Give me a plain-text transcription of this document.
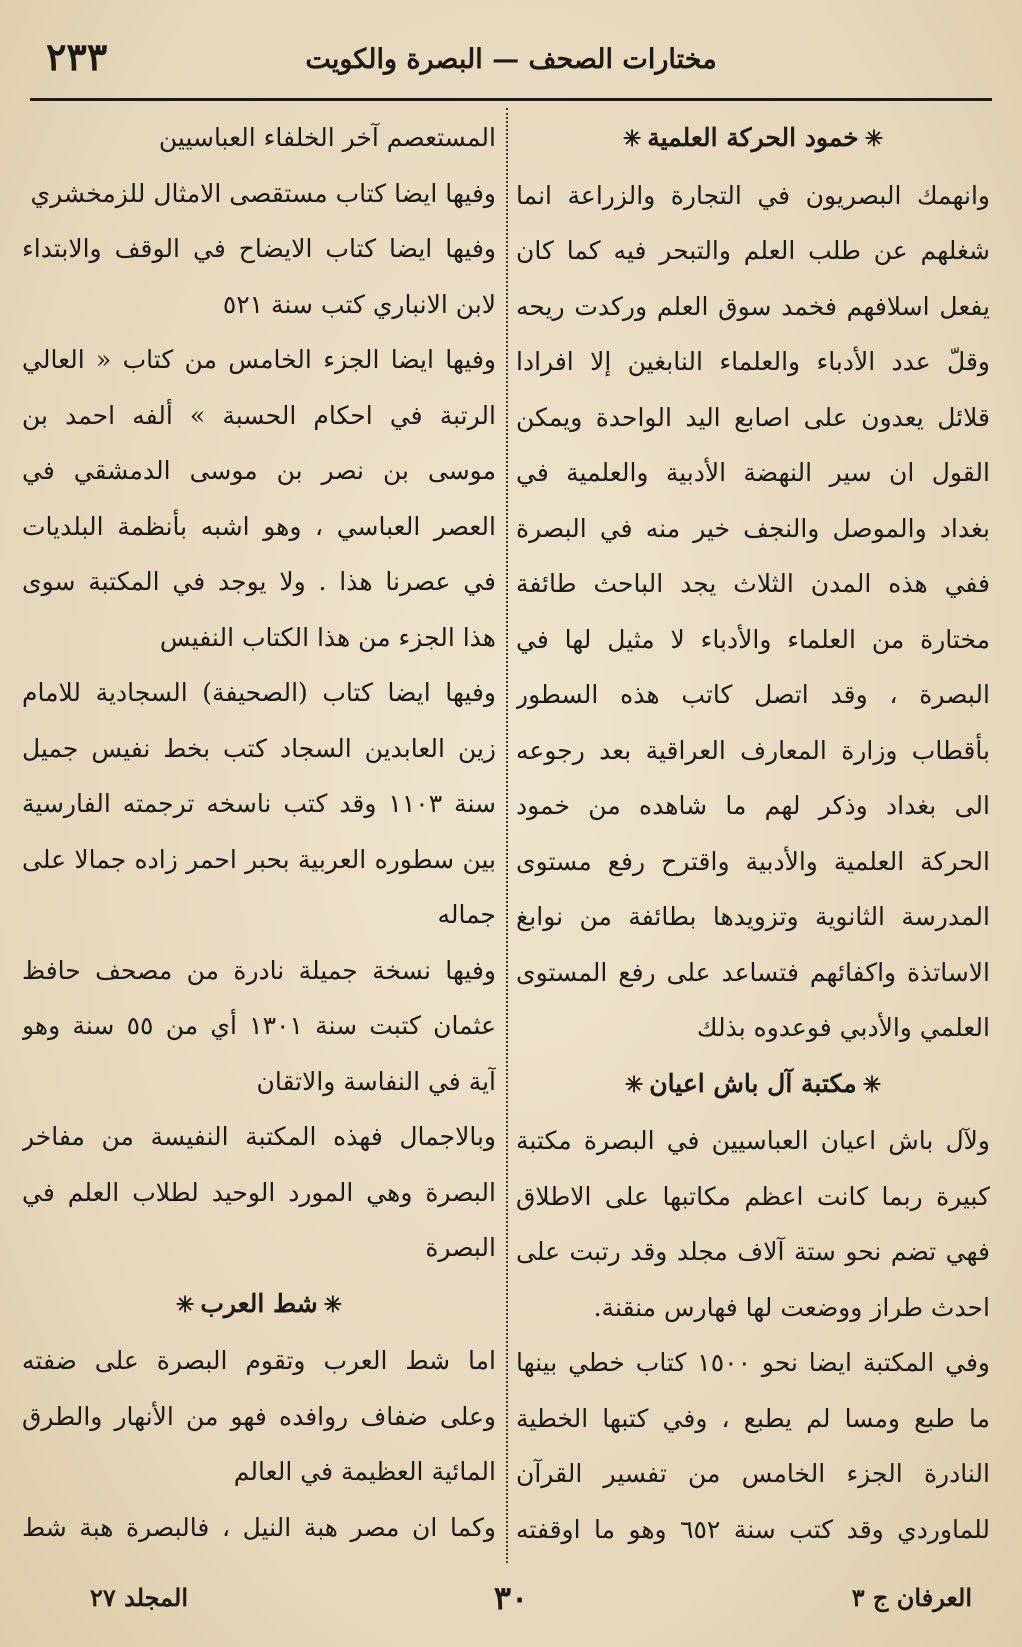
مختارات الصحف — البصرة والكويت
٢٣٣

✳خمود الحركة العلمية✳

وانهمك البصريون في التجارة والزراعة انما شغلهم عن طلب العلم والتبحر فيه كما كان يفعل اسلافهم فخمد سوق العلم وركدت ريحه وقلّ عدد الأدباء والعلماء النابغين إلا افرادا قلائل يعدون على اصابع اليد الواحدة ويمكن القول ان سير النهضة الأدبية والعلمية في بغداد والموصل والنجف خير منه في البصرة ففي هذه المدن الثلاث يجد الباحث طائفة مختارة من العلماء والأدباء لا مثيل لها في البصرة ، وقد اتصل كاتب هذه السطور بأقطاب وزارة المعارف العراقية بعد رجوعه الى بغداد وذكر لهم ما شاهده من خمود الحركة العلمية والأدبية واقترح رفع مستوى المدرسة الثانوية وتزويدها بطائفة من نوابغ الاساتذة واكفائهم فتساعد على رفع المستوى العلمي والأدبي فوعدوه بذلك

✳مكتبة آل باش اعيان✳

ولآل باش اعيان العباسيين في البصرة مكتبة كبيرة ربما كانت اعظم مكاتبها على الاطلاق فهي تضم نحو ستة آلاف مجلد وقد رتبت على احدث طراز ووضعت لها فهارس منقنة.

وفي المكتبة ايضا نحو ١٥٠٠ كتاب خطي بينها ما طبع ومسا لم يطبع ، وفي كتبها الخطية النادرة الجزء الخامس من تفسير القرآن للماوردي وقد كتب سنة ٦٥٢ وهو ما اوقفته

المستعصم آخر الخلفاء العباسيين

وفيها ايضا كتاب مستقصى الامثال للزمخشري

وفيها ايضا كتاب الايضاح في الوقف والابتداء لابن الانباري كتب سنة ٥٢١

وفيها ايضا الجزء الخامس من كتاب « العالي الرتبة في احكام الحسبة » ألفه احمد بن موسى بن نصر بن موسى الدمشقي في العصر العباسي ، وهو اشبه بأنظمة البلديات في عصرنا هذا . ولا يوجد في المكتبة سوى هذا الجزء من هذا الكتاب النفيس

وفيها ايضا كتاب (الصحيفة) السجادية للامام زين العابدين السجاد كتب بخط نفيس جميل سنة ١١٠٣ وقد كتب ناسخه ترجمته الفارسية بين سطوره العربية بحبر احمر زاده جمالا على جماله

وفيها نسخة جميلة نادرة من مصحف حافظ عثمان كتبت سنة ١٣٠١ أي من ٥٥ سنة وهو آية في النفاسة والاتقان

وبالاجمال فهذه المكتبة النفيسة من مفاخر البصرة وهي المورد الوحيد لطلاب العلم في البصرة

✳شط العرب✳

اما شط العرب وتقوم البصرة على ضفته وعلى ضفاف روافده فهو من الأنهار والطرق المائية العظيمة في العالم

وكما ان مصر هبة النيل ، فالبصرة هبة شط

العرفان ج ٣
٣٠
المجلد ٢٧
